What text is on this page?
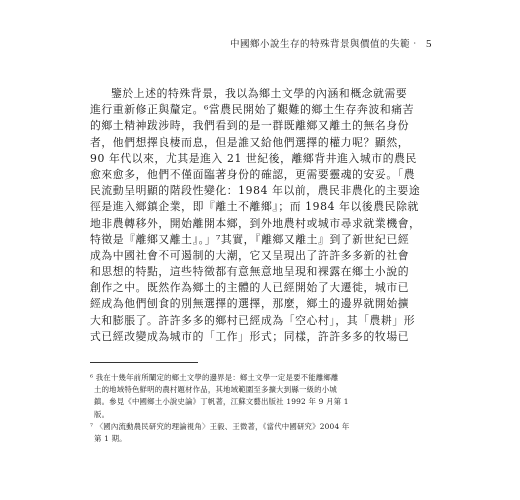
中國鄉小說生存的特殊背景與價值的失範‧ 5
鑒於上述的特殊背景，我以為鄉土文學的內涵和概念就需要
進行重新修正與釐定。⁶當農民開始了艱難的鄉土生存奔波和痛苦
的鄉土精神跋涉時，我們看到的是一群既離鄉又離土的無名身份
者，他們想擇良棲而息，但是誰又給他們選擇的權力呢？顯然，
90 年代以來，尤其是進入 21 世紀後，離鄉背井進入城市的農民
愈來愈多，他們不僅面臨著身份的確認，更需要靈魂的安妥。「農
民流動呈明顯的階段性變化：1984 年以前，農民非農化的主要途
徑是進入鄉鎮企業，即『離土不離鄉』；而 1984 年以後農民除就
地非農轉移外，開始離開本鄉，到外地農村或城市尋求就業機會，
特徵是『離鄉又離土』。」⁷其實，『離鄉又離土』到了新世紀已經
成為中國社會不可遏制的大潮，它又呈現出了許許多多新的社會
和思想的特點，這些特徵都有意無意地呈現和裸露在鄉土小說的
創作之中。既然作為鄉土的主體的人已經開始了大遷徙，城市已
經成為他們刨食的別無選擇的選擇，那麼，鄉土的邊界就開始擴
大和膨脹了。許許多多的鄉村已經成為「空心村」，其「農耕」形
式已經改變成為城市的「工作」形式；同樣，許許多多的牧場已
⁶ 我在十幾年前所闡定的鄉土文學的邊界是：鄉土文學一定是要不能離鄉離
土的地域特色鮮明的農村題材作品，其地域範圍至多擴大到縣一級的小城
鎮。參見《中國鄉土小說史論》丁帆著，江蘇文藝出版社 1992 年 9 月第 1
版。
⁷ 〈國內流動農民研究的理論視角〉王毅、王微著，《當代中國研究》2004 年
第 1 期。
